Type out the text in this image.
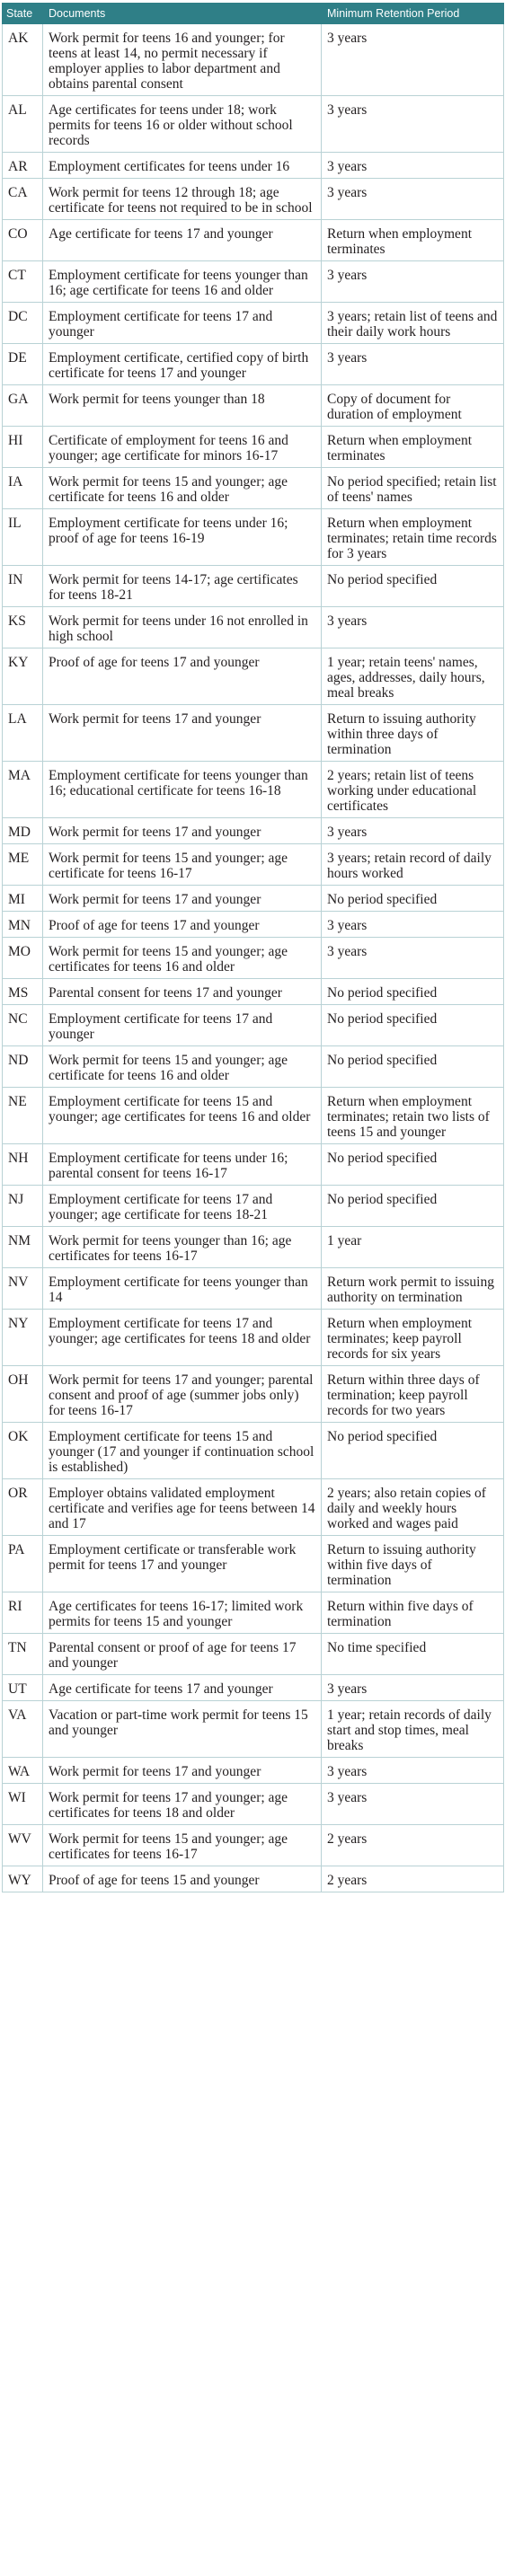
State	Documents	Minimum Retention Period
AK	Work permit for teens 16 and younger; for teens at least 14, no permit necessary if employer applies to labor department and obtains parental consent	3 years
AL	Age certificates for teens under 18; work permits for teens 16 or older without school records	3 years
AR	Employment certificates for teens under 16	3 years
CA	Work permit for teens 12 through 18; age certificate for teens not required to be in school	3 years
CO	Age certificate for teens 17 and younger	Return when employment terminates
CT	Employment certificate for teens younger than 16; age certificate for teens 16 and older	3 years
DC	Employment certificate for teens 17 and younger	3 years; retain list of teens and their daily work hours
DE	Employment certificate, certified copy of birth certificate for teens 17 and younger	3 years
GA	Work permit for teens younger than 18	Copy of document for duration of employment
HI	Certificate of employment for teens 16 and younger; age certificate for minors 16-17	Return when employment terminates
IA	Work permit for teens 15 and younger; age certificate for teens 16 and older	No period specified; retain list of teens' names
IL	Employment certificate for teens under 16; proof of age for teens 16-19	Return when employment terminates; retain time records for 3 years
IN	Work permit for teens 14-17; age certificates for teens 18-21	No period specified
KS	Work permit for teens under 16 not enrolled in high school	3 years
KY	Proof of age for teens 17 and younger	1 year; retain teens' names, ages, addresses, daily hours, meal breaks
LA	Work permit for teens 17 and younger	Return to issuing authority within three days of termination
MA	Employment certificate for teens younger than 16; educational certificate for teens 16-18	2 years; retain list of teens working under educational certificates
MD	Work permit for teens 17 and younger	3 years
ME	Work permit for teens 15 and younger; age certificate for teens 16-17	3 years; retain record of daily hours worked
MI	Work permit for teens 17 and younger	No period specified
MN	Proof of age for teens 17 and younger	3 years
MO	Work permit for teens 15 and younger; age certificates for teens 16 and older	3 years
MS	Parental consent for teens 17 and younger	No period specified
NC	Employment certificate for teens 17 and younger	No period specified
ND	Work permit for teens 15 and younger; age certificate for teens 16 and older	No period specified
NE	Employment certificate for teens 15 and younger; age certificates for teens 16 and older	Return when employment terminates; retain two lists of teens 15 and younger
NH	Employment certificate for teens under 16; parental consent for teens 16-17	No period specified
NJ	Employment certificate for teens 17 and younger; age certificate for teens 18-21	No period specified
NM	Work permit for teens younger than 16; age certificates for teens 16-17	1 year
NV	Employment certificate for teens younger than 14	Return work permit to issuing authority on termination
NY	Employment certificate for teens 17 and younger; age certificates for teens 18 and older	Return when employment terminates; keep payroll records for six years
OH	Work permit for teens 17 and younger; parental consent and proof of age (summer jobs only) for teens 16-17	Return within three days of termination; keep payroll records for two years
OK	Employment certificate for teens 15 and younger (17 and younger if continuation school is established)	No period specified
OR	Employer obtains validated employment certificate and verifies age for teens between 14 and 17	2 years; also retain copies of daily and weekly hours worked and wages paid
PA	Employment certificate or transferable work permit for teens 17 and younger	Return to issuing authority within five days of termination
RI	Age certificates for teens 16-17; limited work permits for teens 15 and younger	Return within five days of termination
TN	Parental consent or proof of age for teens 17 and younger	No time specified
UT	Age certificate for teens 17 and younger	3 years
VA	Vacation or part-time work permit for teens 15 and younger	1 year; retain records of daily start and stop times, meal breaks
WA	Work permit for teens 17 and younger	3 years
WI	Work permit for teens 17 and younger; age certificates for teens 18 and older	3 years
WV	Work permit for teens 15 and younger; age certificates for teens 16-17	2 years
WY	Proof of age for teens 15 and younger	2 years
